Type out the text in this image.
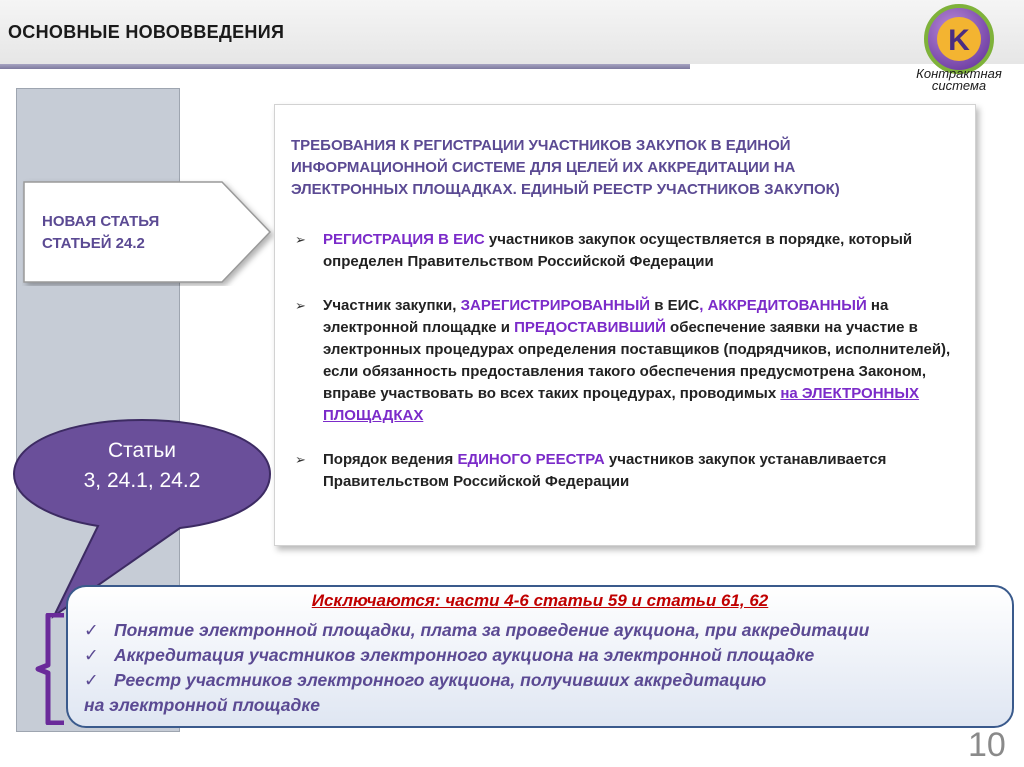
ОСНОВНЫЕ НОВОВВЕДЕНИЯ	K
Контрактная
система
НОВАЯ СТАТЬЯ
СТАТЬЕЙ 24.2
ТРЕБОВАНИЯ К РЕГИСТРАЦИИ УЧАСТНИКОВ ЗАКУПОК В ЕДИНОЙ
ИНФОРМАЦИОННОЙ СИСТЕМЕ ДЛЯ ЦЕЛЕЙ ИХ АККРЕДИТАЦИИ НА
ЭЛЕКТРОННЫХ ПЛОЩАДКАХ. ЕДИНЫЙ РЕЕСТР УЧАСТНИКОВ ЗАКУПОК)
➢ РЕГИСТРАЦИЯ В ЕИС участников закупок осуществляется в порядке, который определен Правительством Российской Федерации
➢ Участник закупки, ЗАРЕГИСТРИРОВАННЫЙ в ЕИС, АККРЕДИТОВАННЫЙ на электронной площадке и ПРЕДОСТАВИВШИЙ обеспечение заявки на участие в электронных процедурах определения поставщиков (подрядчиков, исполнителей), если обязанность предоставления такого обеспечения предусмотрена Законом, вправе участвовать во всех таких процедурах, проводимых на ЭЛЕКТРОННЫХ ПЛОЩАДКАХ
➢ Порядок ведения ЕДИНОГО РЕЕСТРА участников закупок устанавливается Правительством Российской Федерации
Статьи
3, 24.1, 24.2
Исключаются: части 4-6 статьи 59 и статьи 61, 62
✓ Понятие электронной площадки, плата за проведение аукциона, при аккредитации
✓ Аккредитация участников электронного аукциона на электронной площадке
✓ Реестр участников электронного аукциона, получивших аккредитацию
на электронной площадке
10
